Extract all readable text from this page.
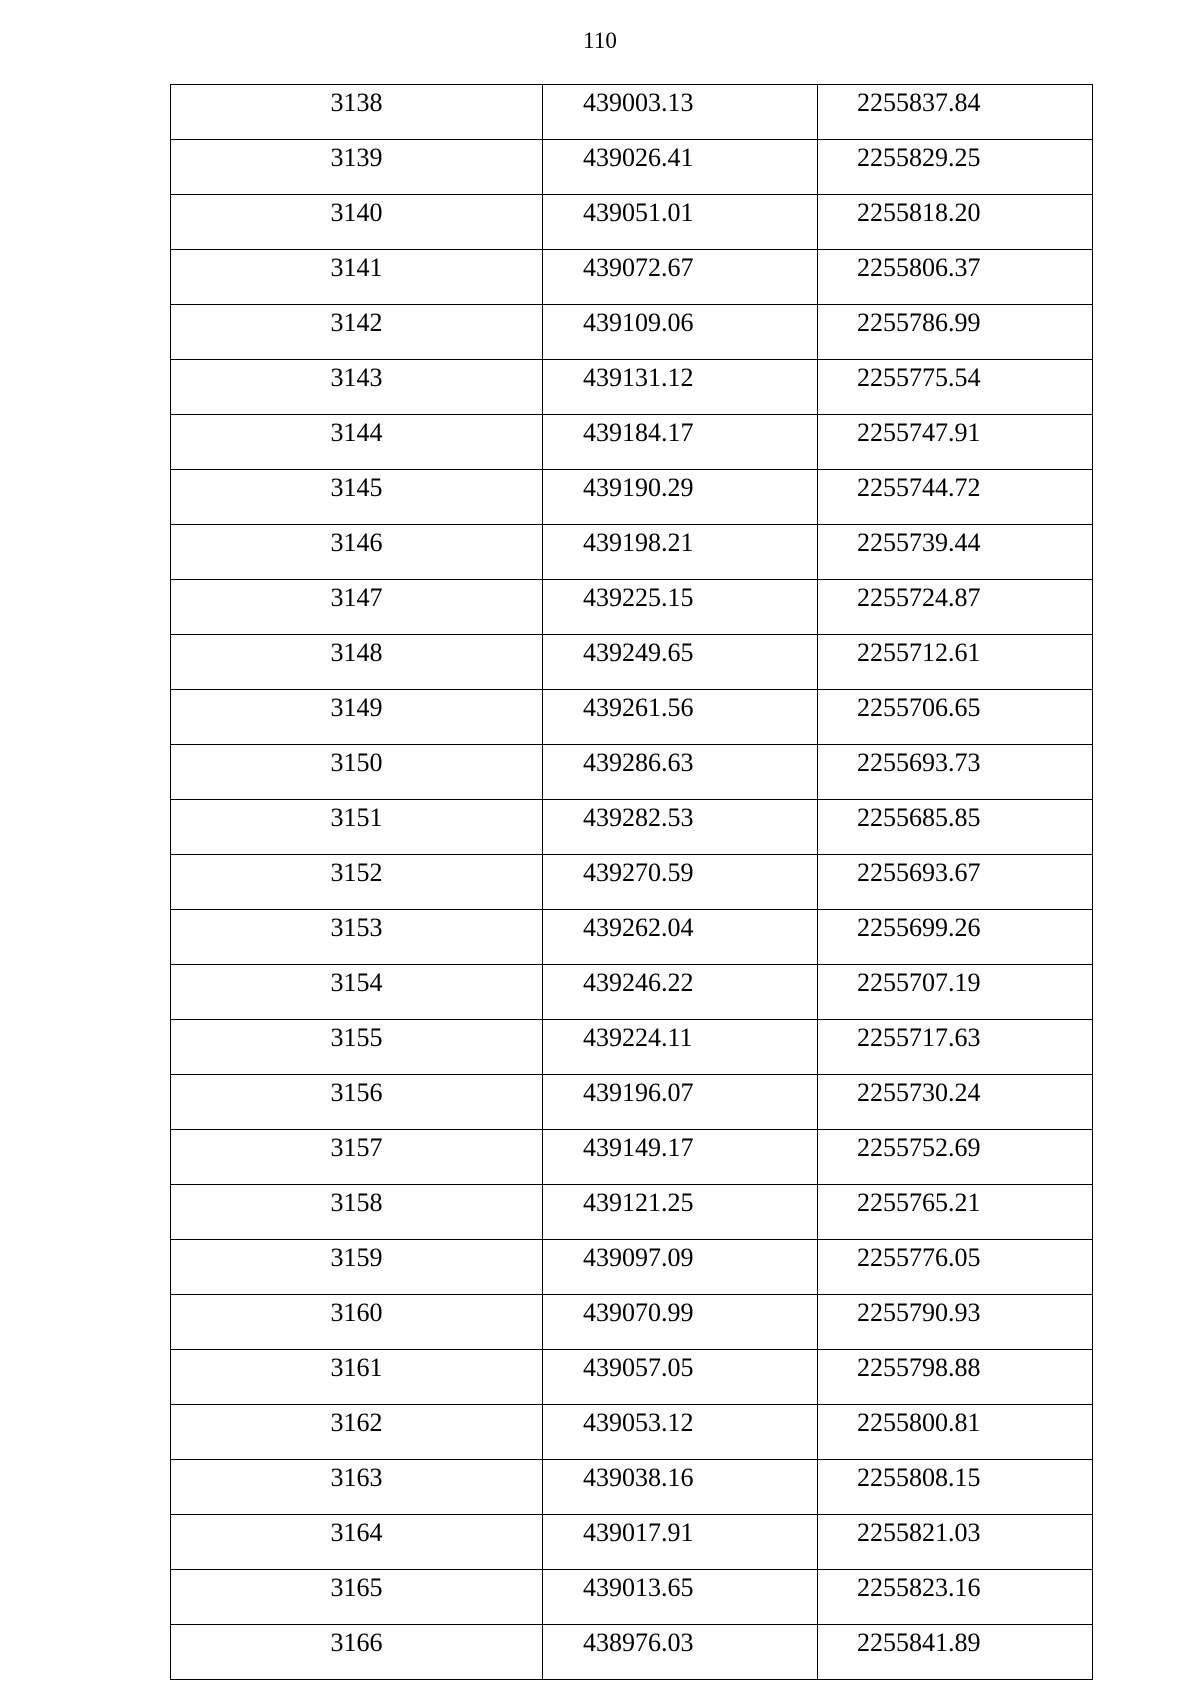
110
3138	439003.13	2255837.84

3139	439026.41	2255829.25

3140	439051.01	2255818.20

3141	439072.67	2255806.37

3142	439109.06	2255786.99

3143	439131.12	2255775.54

3144	439184.17	2255747.91

3145	439190.29	2255744.72

3146	439198.21	2255739.44

3147	439225.15	2255724.87

3148	439249.65	2255712.61

3149	439261.56	2255706.65

3150	439286.63	2255693.73

3151	439282.53	2255685.85

3152	439270.59	2255693.67

3153	439262.04	2255699.26

3154	439246.22	2255707.19

3155	439224.11	2255717.63

3156	439196.07	2255730.24

3157	439149.17	2255752.69

3158	439121.25	2255765.21

3159	439097.09	2255776.05

3160	439070.99	2255790.93

3161	439057.05	2255798.88

3162	439053.12	2255800.81

3163	439038.16	2255808.15

3164	439017.91	2255821.03

3165	439013.65	2255823.16

3166	438976.03	2255841.89
